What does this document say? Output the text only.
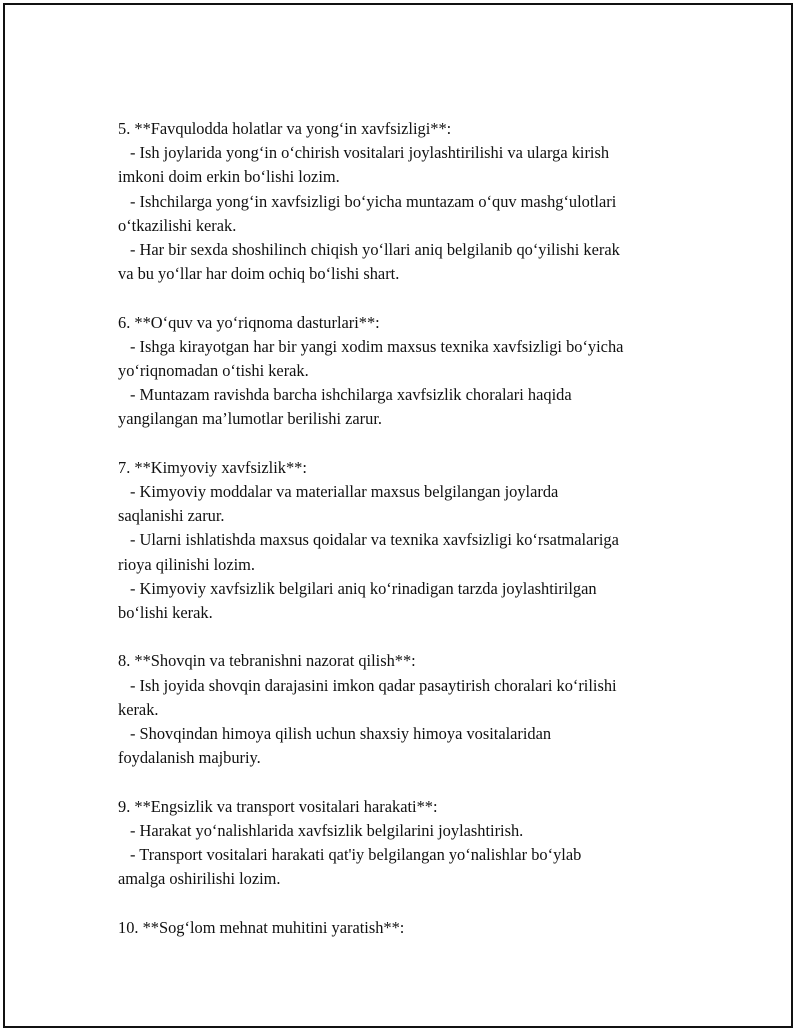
5. **Favqulodda holatlar va yong‘in xavfsizligi**:
- Ish joylarida yong‘in o‘chirish vositalari joylashtirilishi va ularga kirish
imkoni doim erkin bo‘lishi lozim.
- Ishchilarga yong‘in xavfsizligi bo‘yicha muntazam o‘quv mashg‘ulotlari
o‘tkazilishi kerak.
- Har bir sexda shoshilinch chiqish yo‘llari aniq belgilanib qo‘yilishi kerak
va bu yo‘llar har doim ochiq bo‘lishi shart.
6. **O‘quv va yo‘riqnoma dasturlari**:
- Ishga kirayotgan har bir yangi xodim maxsus texnika xavfsizligi bo‘yicha
yo‘riqnomadan o‘tishi kerak.
- Muntazam ravishda barcha ishchilarga xavfsizlik choralari haqida
yangilangan ma’lumotlar berilishi zarur.
7. **Kimyoviy xavfsizlik**:
- Kimyoviy moddalar va materiallar maxsus belgilangan joylarda
saqlanishi zarur.
- Ularni ishlatishda maxsus qoidalar va texnika xavfsizligi ko‘rsatmalariga
rioya qilinishi lozim.
- Kimyoviy xavfsizlik belgilari aniq ko‘rinadigan tarzda joylashtirilgan
bo‘lishi kerak.
8. **Shovqin va tebranishni nazorat qilish**:
- Ish joyida shovqin darajasini imkon qadar pasaytirish choralari ko‘rilishi
kerak.
- Shovqindan himoya qilish uchun shaxsiy himoya vositalaridan
foydalanish majburiy.
9. **Engsizlik va transport vositalari harakati**:
- Harakat yo‘nalishlarida xavfsizlik belgilarini joylashtirish.
- Transport vositalari harakati qat'iy belgilangan yo‘nalishlar bo‘ylab
amalga oshirilishi lozim.
10. **Sog‘lom mehnat muhitini yaratish**:
